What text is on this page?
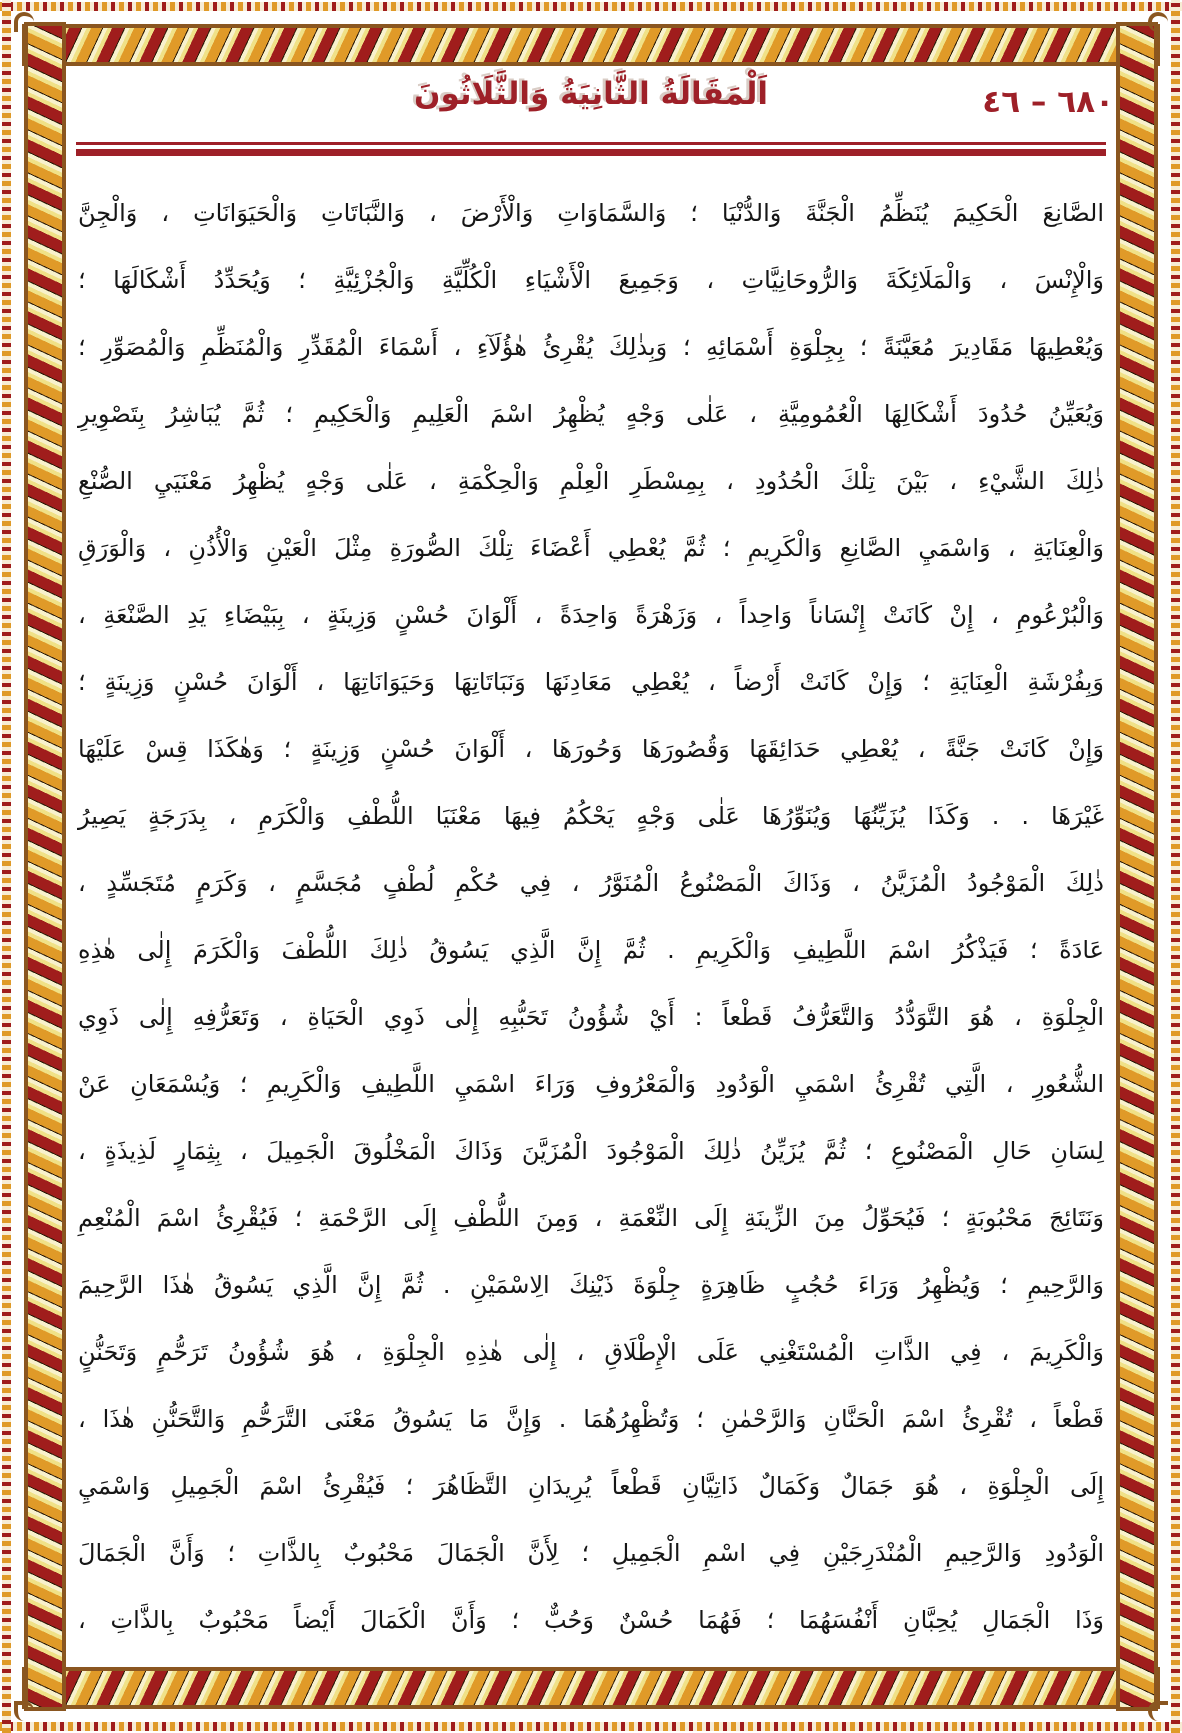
٦٨٠ – ٤٦
اَلْمَقَالَةُ الثَّانِيَةُ وَالثَّلَاثُونَ
الصَّانِعَ الْحَكِيمَ يُنَظِّمُ الْجَنَّةَ وَالدُّنْيَا ؛ وَالسَّمَاوَاتِ وَالْأَرْضَ ، وَالنَّبَاتَاتِ وَالْحَيَوَانَاتِ ، وَالْجِنَّ
وَالْإِنْسَ ، وَالْمَلَائِكَةَ وَالرُّوحَانِيَّاتِ ، وَجَمِيعَ الْأَشْيَاءِ الْكُلِّيَّةِ وَالْجُزْئِيَّةِ ؛ وَيُحَدِّدُ أَشْكَالَهَا ؛
وَيُعْطِيهَا مَقَادِيرَ مُعَيَّنَةً ؛ بِجِلْوَةِ أَسْمَائِهِ ؛ وَبِذٰلِكَ يُقْرِئُ هٰؤُلَآءِ ، أَسْمَاءَ الْمُقَدِّرِ وَالْمُنَظِّمِ وَالْمُصَوِّرِ ؛
وَيُعَيِّنُ حُدُودَ أَشْكَالِهَا الْعُمُومِيَّةِ ، عَلٰى وَجْهٍ يُظْهِرُ اسْمَ الْعَلِيمِ وَالْحَكِيمِ ؛ ثُمَّ يُبَاشِرُ بِتَصْوِيرِ
ذٰلِكَ الشَّيْءِ ، بَيْنَ تِلْكَ الْحُدُودِ ، بِمِسْطَرِ الْعِلْمِ وَالْحِكْمَةِ ، عَلٰى وَجْهٍ يُظْهِرُ مَعْنَيَيِ الصُّنْعِ
وَالْعِنَايَةِ ، وَاسْمَيِ الصَّانِعِ وَالْكَرِيمِ ؛ ثُمَّ يُعْطِي أَعْضَاءَ تِلْكَ الصُّورَةِ مِثْلَ الْعَيْنِ وَالْأُذُنِ ، وَالْوَرَقِ
وَالْبُرْعُومِ ، إِنْ كَانَتْ إِنْسَاناً وَاحِداً ، وَزَهْرَةً وَاحِدَةً ، أَلْوَانَ حُسْنٍ وَزِينَةٍ ، بِبَيْضَاءِ يَدِ الصَّنْعَةِ ،
وَبِفُرْشَةِ الْعِنَايَةِ ؛ وَإِنْ كَانَتْ أَرْضاً ، يُعْطِي مَعَادِنَهَا وَنَبَاتَاتِهَا وَحَيَوَانَاتِهَا ، أَلْوَانَ حُسْنٍ وَزِينَةٍ ؛
وَإِنْ كَانَتْ جَنَّةً ، يُعْطِي حَدَائِقَهَا وَقُصُورَهَا وَحُورَهَا ، أَلْوَانَ حُسْنٍ وَزِينَةٍ ؛ وَهٰكَذَا قِسْ عَلَيْهَا
غَيْرَهَا . . وَكَذَا يُزَيِّنُهَا وَيُنَوِّرُهَا عَلٰى وَجْهٍ يَحْكُمُ فِيهَا مَعْنَيَا اللُّطْفِ وَالْكَرَمِ ، بِدَرَجَةٍ يَصِيرُ
ذٰلِكَ الْمَوْجُودُ الْمُزَيَّنُ ، وَذَاكَ الْمَصْنُوعُ الْمُنَوَّرُ ، فِي حُكْمِ لُطْفٍ مُجَسَّمٍ ، وَكَرَمٍ مُتَجَسِّدٍ ،
عَادَةً ؛ فَيَذْكُرُ اسْمَ اللَّطِيفِ وَالْكَرِيمِ . ثُمَّ إِنَّ الَّذِي يَسُوقُ ذٰلِكَ اللُّطْفَ وَالْكَرَمَ إِلٰى هٰذِهِ
الْجِلْوَةِ ، هُوَ التَّوَدُّدُ وَالتَّعَرُّفُ قَطْعاً : أَيْ شُؤُونُ تَحَبُّبِهِ إِلٰى ذَوِي الْحَيَاةِ ، وَتَعَرُّفِهِ إِلٰى ذَوِي
الشُّعُورِ ، الَّتِي تُقْرِئُ اسْمَيِ الْوَدُودِ وَالْمَعْرُوفِ وَرَاءَ اسْمَيِ اللَّطِيفِ وَالْكَرِيمِ ؛ وَيُسْمَعَانِ عَنْ
لِسَانِ حَالِ الْمَصْنُوعِ ؛ ثُمَّ يُزَيِّنُ ذٰلِكَ الْمَوْجُودَ الْمُزَيَّنَ وَذَاكَ الْمَخْلُوقَ الْجَمِيلَ ، بِثِمَارٍ لَذِيذَةٍ ،
وَنَتَائِجَ مَحْبُوبَةٍ ؛ فَيُحَوِّلُ مِنَ الزِّينَةِ إِلَى النِّعْمَةِ ، وَمِنَ اللُّطْفِ إِلَى الرَّحْمَةِ ؛ فَيُقْرِئُ اسْمَ الْمُنْعِمِ
وَالرَّحِيمِ ؛ وَيُظْهِرُ وَرَاءَ حُجُبٍ ظَاهِرَةٍ جِلْوَةَ ذَيْنِكَ الِاسْمَيْنِ . ثُمَّ إِنَّ الَّذِي يَسُوقُ هٰذَا الرَّحِيمَ
وَالْكَرِيمَ ، فِي الذَّاتِ الْمُسْتَغْنِي عَلَى الْإِطْلَاقِ ، إِلٰى هٰذِهِ الْجِلْوَةِ ، هُوَ شُؤُونُ تَرَحُّمٍ وَتَحَنُّنٍ
قَطْعاً ، تُقْرِئُ اسْمَ الْحَنَّانِ وَالرَّحْمٰنِ ؛ وَتُظْهِرُهُمَا . وَإِنَّ مَا يَسُوقُ مَعْنَى التَّرَحُّمِ وَالتَّحَنُّنِ هٰذَا ،
إِلَى الْجِلْوَةِ ، هُوَ جَمَالٌ وَكَمَالٌ ذَاتِيَّانِ قَطْعاً يُرِيدَانِ التَّظَاهُرَ ؛ فَيُقْرِئُ اسْمَ الْجَمِيلِ وَاسْمَيِ
الْوَدُودِ وَالرَّحِيمِ الْمُنْدَرِجَيْنِ فِي اسْمِ الْجَمِيلِ ؛ لِأَنَّ الْجَمَالَ مَحْبُوبٌ بِالذَّاتِ ؛ وَأَنَّ الْجَمَالَ
وَذَا الْجَمَالِ يُحِبَّانِ أَنْفُسَهُمَا ؛ فَهُمَا حُسْنٌ وَحُبٌّ ؛ وَأَنَّ الْكَمَالَ أَيْضاً مَحْبُوبٌ بِالذَّاتِ ،
